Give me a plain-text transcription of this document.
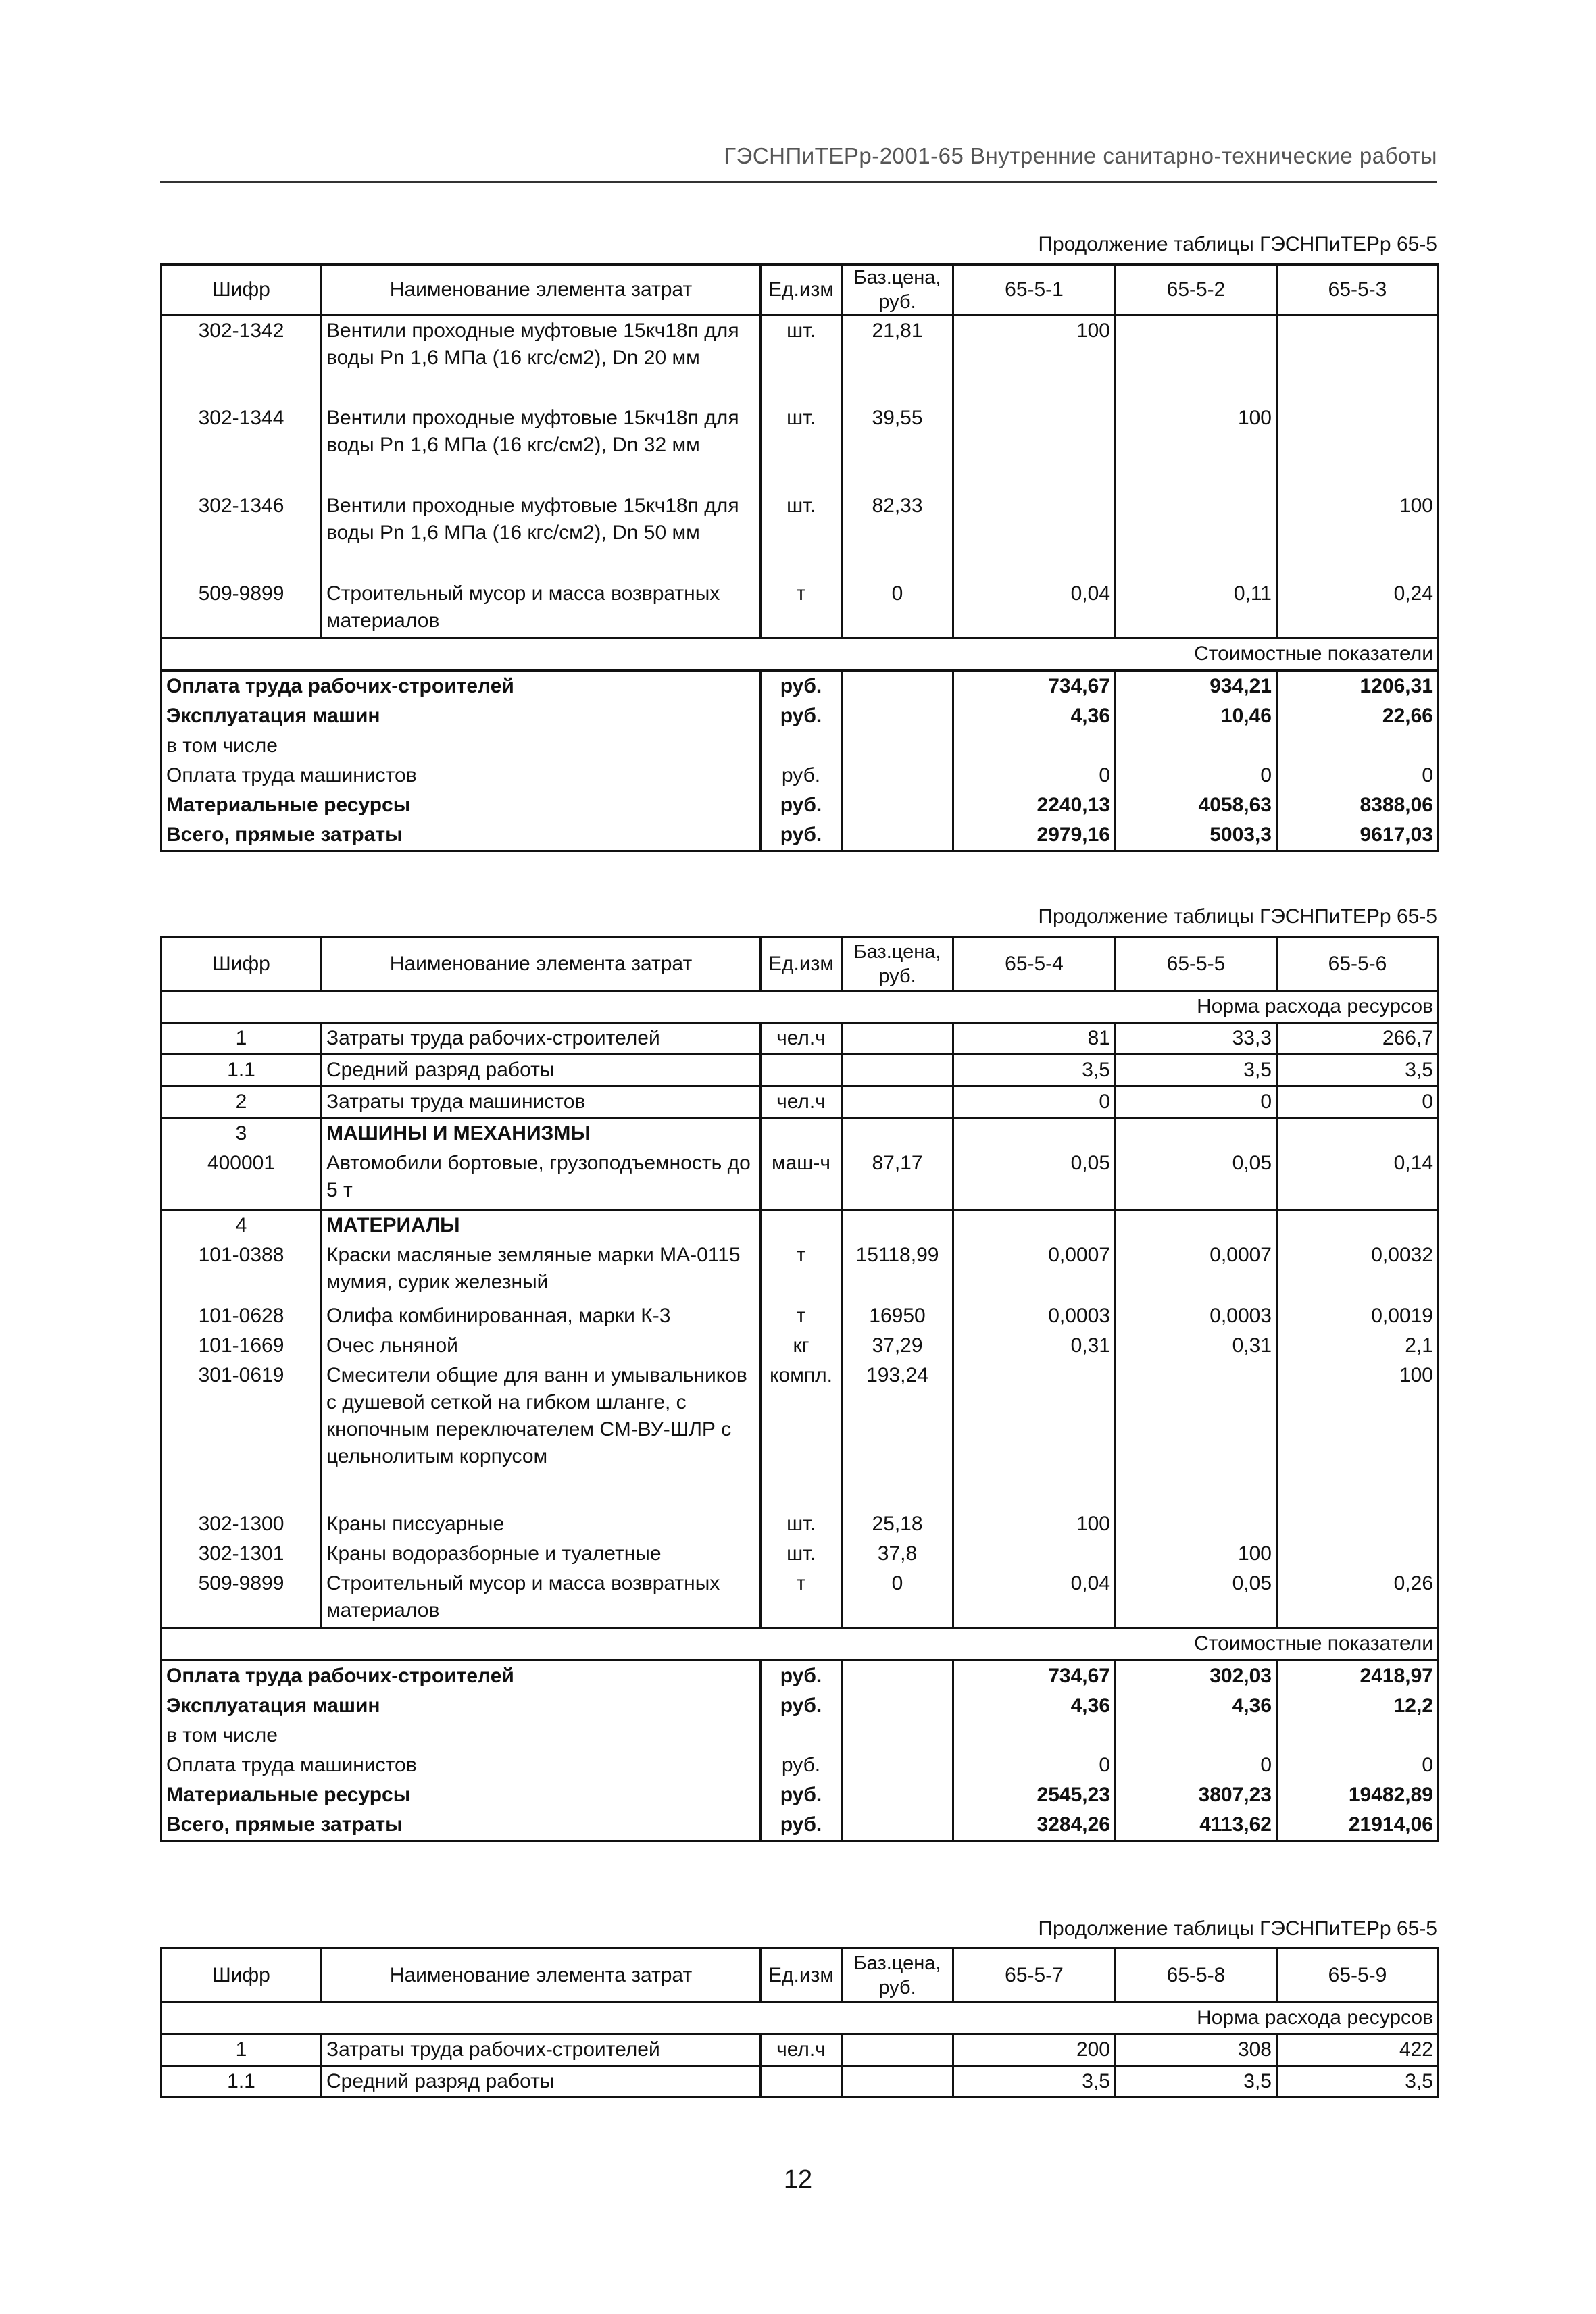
ГЭСНПиТЕРр-2001-65 Внутренние санитарно-технические работы
Продолжение таблицы ГЭСНПиТЕРр 65-5
Шифр	Наименование элемента затрат	Ед.изм	Баз.цена, руб.	65-5-1	65-5-2	65-5-3
302-1342	Вентили проходные муфтовые 15кч18п для воды Рn 1,6 МПа (16 кгс/см2), Dn 20 мм	шт.	21,81	100		
302-1344	Вентили проходные муфтовые 15кч18п для воды Рn 1,6 МПа (16 кгс/см2), Dn 32 мм	шт.	39,55		100	
302-1346	Вентили проходные муфтовые 15кч18п для воды Рn 1,6 МПа (16 кгс/см2), Dn 50 мм	шт.	82,33			100
509-9899	Строительный мусор и масса возвратных материалов	т	0	0,04	0,11	0,24
Стоимостные показатели						
Оплата труда рабочих-строителей		руб.		734,67	934,21	1206,31
Эксплуатация машин		руб.		4,36	10,46	22,66
в том числе						
Оплата труда машинистов		руб.		0	0	0
Материальные ресурсы		руб.		2240,13	4058,63	8388,06
Всего, прямые затраты		руб.		2979,16	5003,3	9617,03
Продолжение таблицы ГЭСНПиТЕРр 65-5
Шифр	Наименование элемента затрат	Ед.изм	Баз.цена, руб.	65-5-4	65-5-5	65-5-6
Норма расхода ресурсов						
1	Затраты труда рабочих-строителей	чел.ч		81	33,3	266,7
1.1	Средний разряд работы			3,5	3,5	3,5
2	Затраты труда машинистов	чел.ч		0	0	0
3	МАШИНЫ И МЕХАНИЗМЫ					
400001	Автомобили бортовые, грузоподъемность до 5 т	маш-ч	87,17	0,05	0,05	0,14
4	МАТЕРИАЛЫ					
101-0388	Краски масляные земляные марки МА-0115 мумия, сурик железный	т	15118,99	0,0007	0,0007	0,0032
101-0628	Олифа комбинированная, марки К-3	т	16950	0,0003	0,0003	0,0019
101-1669	Очес льняной	кг	37,29	0,31	0,31	2,1
301-0619	Смесители общие для ванн и умывальников с душевой сеткой на гибком шланге, с кнопочным переключателем СМ-ВУ-ШЛР с цельнолитым корпусом	компл.	193,24			100
302-1300	Краны писсуарные	шт.	25,18	100		
302-1301	Краны водоразборные и туалетные	шт.	37,8		100	
509-9899	Строительный мусор и масса возвратных материалов	т	0	0,04	0,05	0,26
Стоимостные показатели						
Оплата труда рабочих-строителей		руб.		734,67	302,03	2418,97
Эксплуатация машин		руб.		4,36	4,36	12,2
в том числе						
Оплата труда машинистов		руб.		0	0	0
Материальные ресурсы		руб.		2545,23	3807,23	19482,89
Всего, прямые затраты		руб.		3284,26	4113,62	21914,06
Продолжение таблицы ГЭСНПиТЕРр 65-5
Шифр	Наименование элемента затрат	Ед.изм	Баз.цена, руб.	65-5-7	65-5-8	65-5-9
Норма расхода ресурсов						
1	Затраты труда рабочих-строителей	чел.ч		200	308	422
1.1	Средний разряд работы			3,5	3,5	3,5
12
